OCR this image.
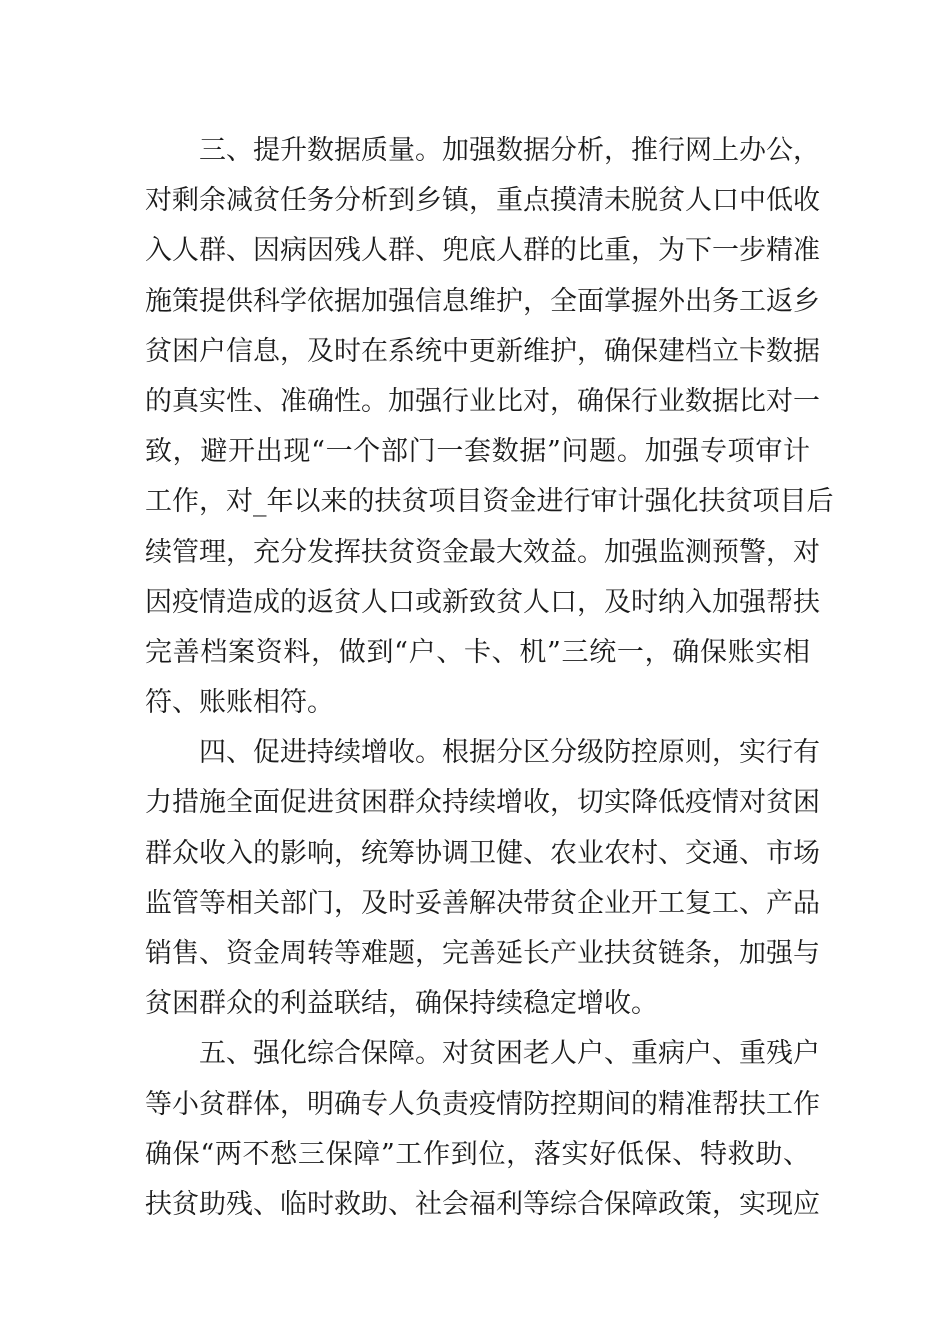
三、提升数据质量。加强数据分析，推行网上办公，
对剩余减贫任务分析到乡镇，重点摸清未脱贫人口中低收
入人群、因病因残人群、兜底人群的比重，为下一步精准
施策提供科学依据加强信息维护，全面掌握外出务工返乡
贫困户信息，及时在系统中更新维护，确保建档立卡数据
的真实性、准确性。加强行业比对，确保行业数据比对一
致，避开出现“一个部门一套数据”问题。加强专项审计
工作，对_年以来的扶贫项目资金进行审计强化扶贫项目后
续管理，充分发挥扶贫资金最大效益。加强监测预警，对
因疫情造成的返贫人口或新致贫人口，及时纳入加强帮扶
完善档案资料，做到“户、卡、机”三统一，确保账实相
符、账账相符。
四、促进持续增收。根据分区分级防控原则，实行有
力措施全面促进贫困群众持续增收，切实降低疫情对贫困
群众收入的影响，统筹协调卫健、农业农村、交通、市场
监管等相关部门，及时妥善解决带贫企业开工复工、产品
销售、资金周转等难题，完善延长产业扶贫链条，加强与
贫困群众的利益联结，确保持续稳定增收。
五、强化综合保障。对贫困老人户、重病户、重残户
等小贫群体，明确专人负责疫情防控期间的精准帮扶工作
确保“两不愁三保障”工作到位，落实好低保、特救助、
扶贫助残、临时救助、社会福利等综合保障政策，实现应
